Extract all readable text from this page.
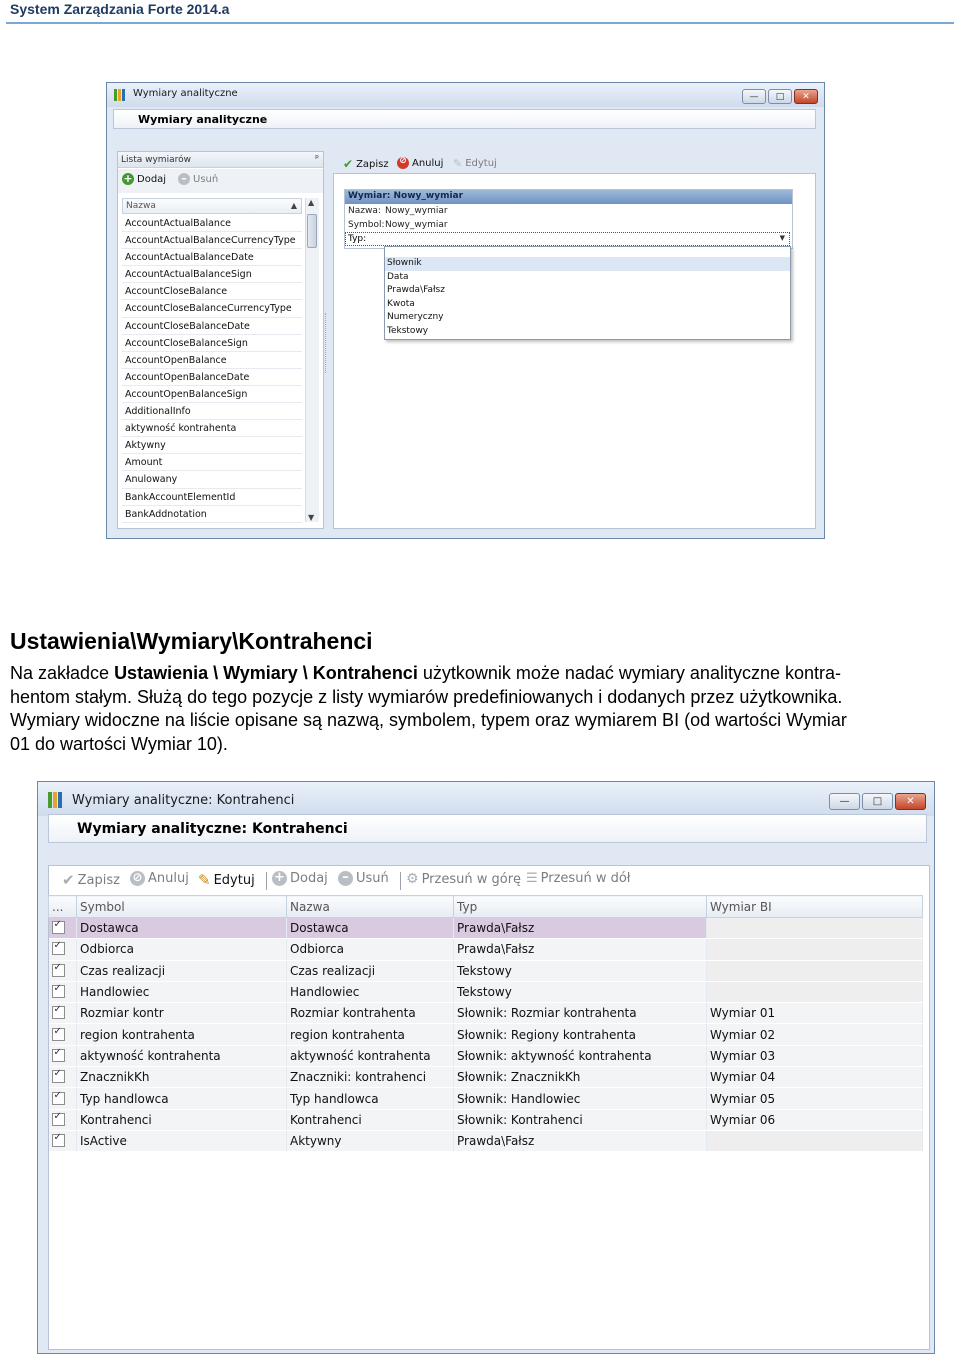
System Zarządzania Forte 2014.a
Wymiary analityczne	—	□	✕
Wymiary analityczne
Lista wymiarów	ᵖ
+ Dodaj – Usuń
Nazwa	▲
AccountActualBalance
AccountActualBalanceCurrencyType
AccountActualBalanceDate
AccountActualBalanceSign
AccountCloseBalance
AccountCloseBalanceCurrencyType
AccountCloseBalanceDate
AccountCloseBalanceSign
AccountOpenBalance
AccountOpenBalanceDate
AccountOpenBalanceSign
AdditionalInfo
aktywność kontrahenta
Aktywny
Amount
Anulowany
BankAccountElementId
BankAddnotation
▲
▼
✔ Zapisz ⊘ Anuluj ✎ Edytuj
Wymiar: Nowy_wymiar
Nazwa: Nowy_wymiar
Symbol: Nowy_wymiar
Typ:	▼
Słownik
Data
Prawda\Fałsz
Kwota
Numeryczny
Tekstowy
Ustawienia\Wymiary\Kontrahenci
Na zakładce Ustawienia \ Wymiary \ Kontrahenci użytkownik może nadać wymiary analityczne kontra-
hentom stałym. Służą do tego pozycje z listy wymiarów predefiniowanych i dodanych przez użytkownika.
Wymiary widoczne na liście opisane są nazwą, symbolem, typem oraz wymiarem BI (od wartości Wymiar
01 do wartości Wymiar 10).
Wymiary analityczne: Kontrahenci	—	□	✕
Wymiary analityczne: Kontrahenci
✔ Zapisz ⊘ Anuluj ✎ Edytuj + Dodaj	– Usuń ⚙ Przesuń w górę ☰ Przesuń w dół
...	Symbol	Nazwa	Typ	Wymiar BI
✓	Dostawca	Dostawca	Prawda\Fałsz	
✓	Odbiorca	Odbiorca	Prawda\Fałsz	
✓	Czas realizacji	Czas realizacji	Tekstowy	
✓	Handlowiec	Handlowiec	Tekstowy	
✓	Rozmiar kontr	Rozmiar kontrahenta	Słownik: Rozmiar kontrahenta	Wymiar 01
✓	region kontrahenta	region kontrahenta	Słownik: Regiony kontrahenta	Wymiar 02
✓	aktywność kontrahenta	aktywność kontrahenta	Słownik: aktywność kontrahenta	Wymiar 03
✓	ZnacznikKh	Znaczniki: kontrahenci	Słownik: ZnacznikKh	Wymiar 04
✓	Typ handlowca	Typ handlowca	Słownik: Handlowiec	Wymiar 05
✓	Kontrahenci	Kontrahenci	Słownik: Kontrahenci	Wymiar 06
✓	IsActive	Aktywny	Prawda\Fałsz	
